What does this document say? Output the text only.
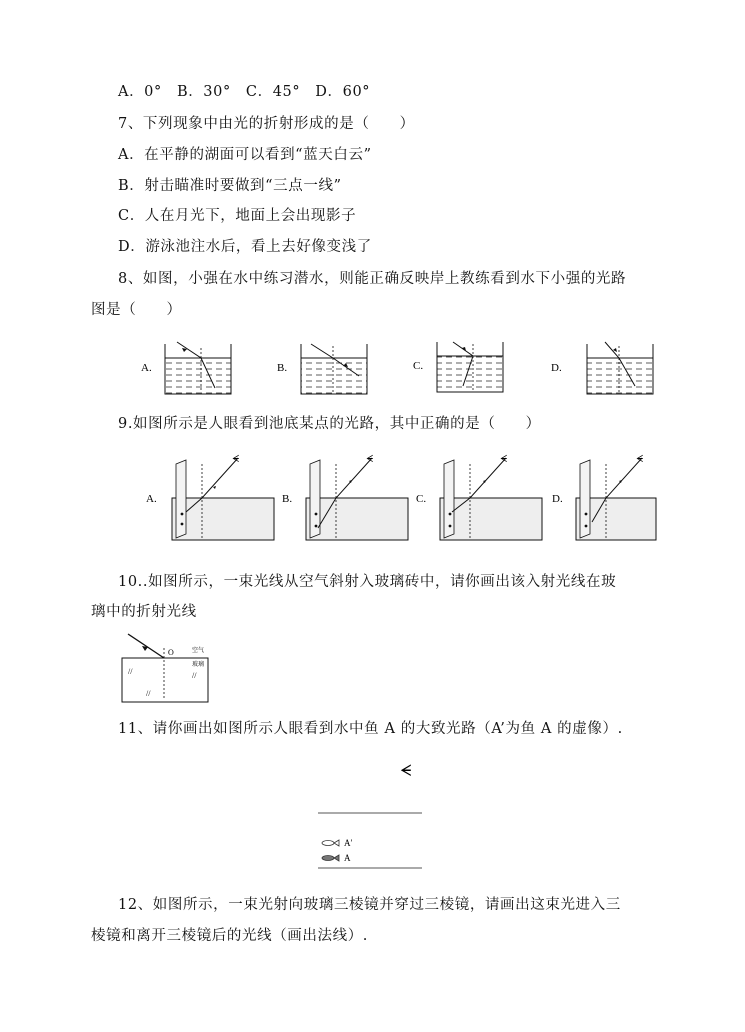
A．0°　B．30°　C．45°　D．60°
7、下列现象中由光的折射形成的是（　　）
A．在平静的湖面可以看到“蓝天白云”
B．射击瞄准时要做到“三点一线”
C．人在月光下，地面上会出现影子
D．游泳池注水后，看上去好像变浅了
8、如图，小强在水中练习潜水，则能正确反映岸上教练看到水下小强的光路
图是（　　）
A.	B.	C.	D.
9.如图所示是人眼看到池底某点的光路，其中正确的是（　　）
A.
ᗕ
B.
ᗕ
C.
ᗕ
D.
ᗕ
10..如图所示，一束光线从空气斜射入玻璃砖中，请你画出该入射光线在玻
璃中的折射光线
O	空气
玻璃
//	//
//
11、请你画出如图所示人眼看到水中鱼 A 的大致光路（A’为鱼 A 的虚像）.
ᗕ
A′
A
12、如图所示，一束光射向玻璃三棱镜并穿过三棱镜，请画出这束光进入三
棱镜和离开三棱镜后的光线（画出法线）.
